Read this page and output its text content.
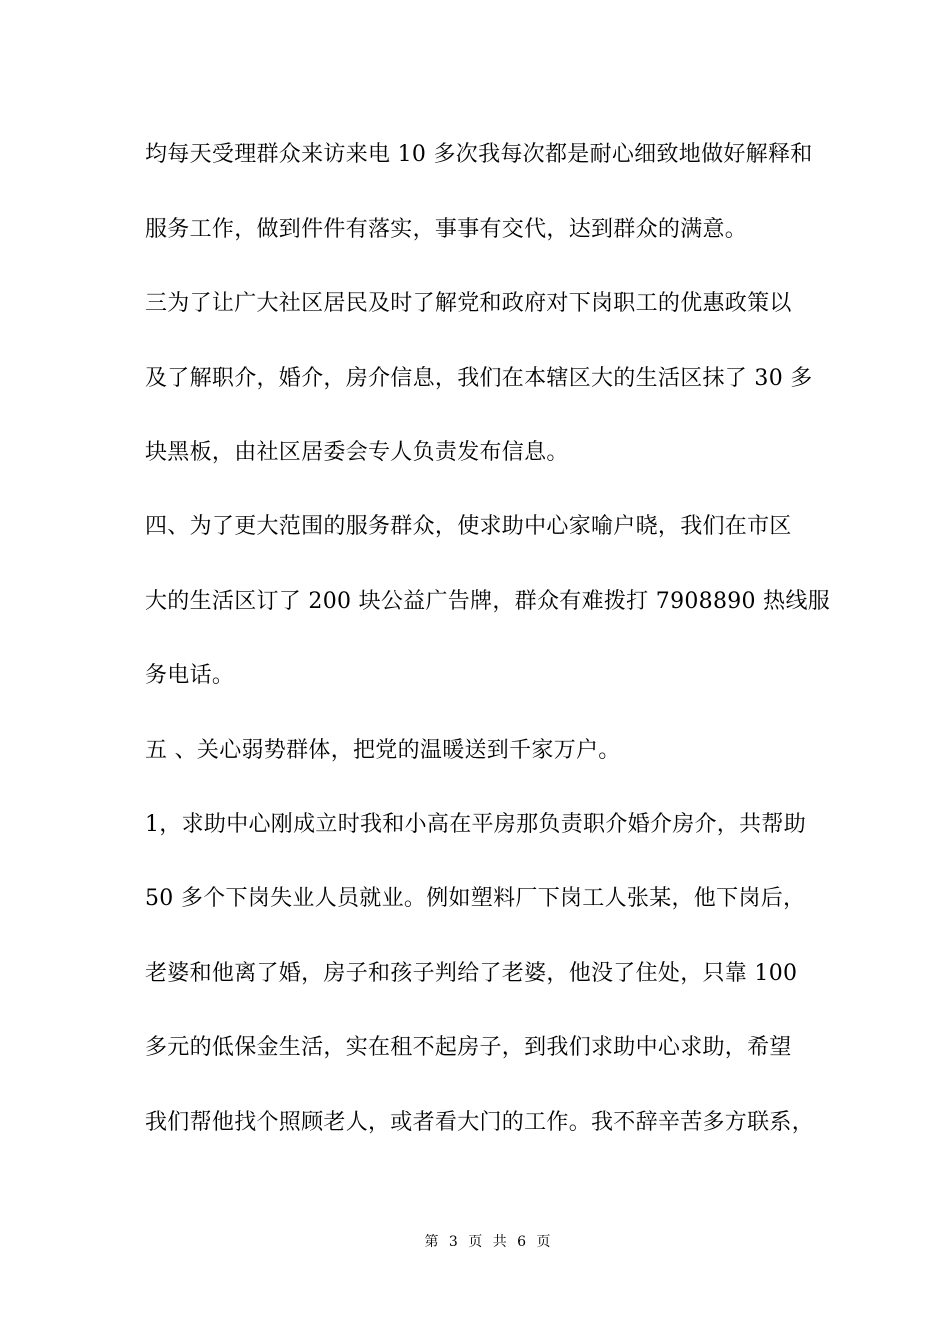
均每天受理群众来访来电 10 多次我每次都是耐心细致地做好解释和
服务工作，做到件件有落实，事事有交代，达到群众的满意。
三为了让广大社区居民及时了解党和政府对下岗职工的优惠政策以
及了解职介，婚介，房介信息，我们在本辖区大的生活区抹了 30 多
块黑板，由社区居委会专人负责发布信息。
四、为了更大范围的服务群众，使求助中心家喻户晓，我们在市区
大的生活区订了 200 块公益广告牌，群众有难拨打 7908890 热线服
务电话。
五 、关心弱势群体，把党的温暖送到千家万户。
1，求助中心刚成立时我和小高在平房那负责职介婚介房介，共帮助
50 多个下岗失业人员就业。例如塑料厂下岗工人张某，他下岗后，
老婆和他离了婚，房子和孩子判给了老婆，他没了住处，只靠 100
多元的低保金生活，实在租不起房子，到我们求助中心求助，希望
我们帮他找个照顾老人，或者看大门的工作。我不辞辛苦多方联系，
第 3 页 共 6 页
